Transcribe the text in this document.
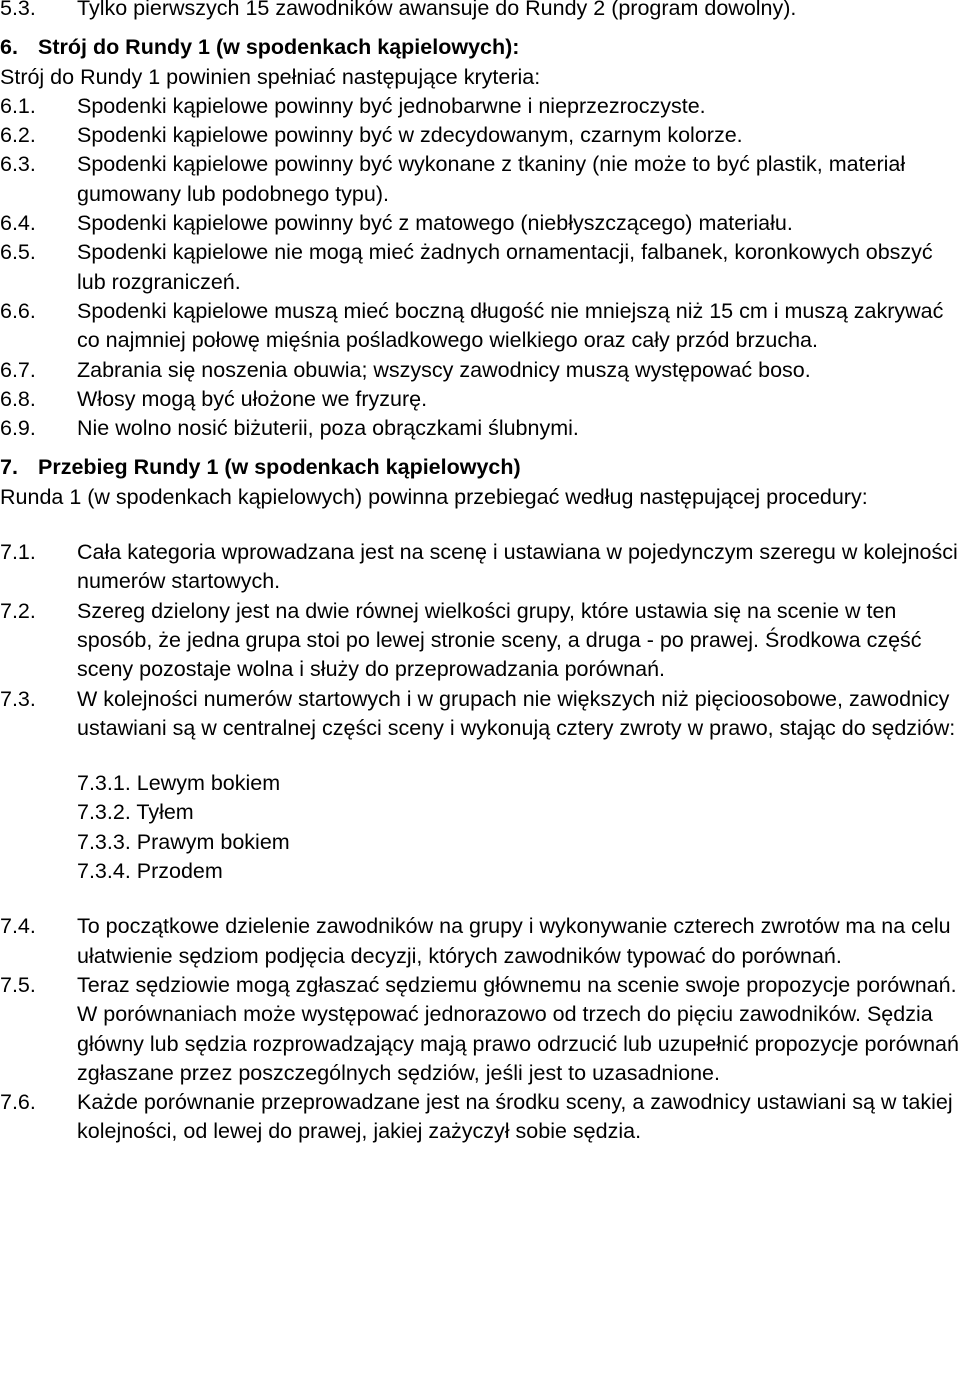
5.3.	Tylko pierwszych 15 zawodników awansuje do Rundy 2 (program dowolny).
6. Strój do Rundy 1 (w spodenkach kąpielowych):

Strój do Rundy 1 powinien spełniać następujące kryteria:

6.1.	Spodenki kąpielowe powinny być jednobarwne i nieprzezroczyste.
6.2.	Spodenki kąpielowe powinny być w zdecydowanym, czarnym kolorze.
6.3.	Spodenki kąpielowe powinny być wykonane z tkaniny (nie może to być plastik, materiał gumowany lub podobnego typu).
6.4.	Spodenki kąpielowe powinny być z matowego (niebłyszczącego) materiału.
6.5.	Spodenki kąpielowe nie mogą mieć żadnych ornamentacji, falbanek, koronkowych obszyć lub rozgraniczeń.
6.6.	Spodenki kąpielowe muszą mieć boczną długość nie mniejszą niż 15 cm i muszą zakrywać co najmniej połowę mięśnia pośladkowego wielkiego oraz cały przód brzucha.
6.7.	Zabrania się noszenia obuwia; wszyscy zawodnicy muszą występować boso.
6.8.	Włosy mogą być ułożone we fryzurę.
6.9.	Nie wolno nosić biżuterii, poza obrączkami ślubnymi.
7. Przebieg Rundy 1 (w spodenkach kąpielowych)

Runda 1 (w spodenkach kąpielowych) powinna przebiegać według następującej procedury:

7.1.	Cała kategoria wprowadzana jest na scenę i ustawiana w pojedynczym szeregu w kolejności numerów startowych.
7.2.	Szereg dzielony jest na dwie równej wielkości grupy, które ustawia się na scenie w ten sposób, że jedna grupa stoi po lewej stronie sceny, a druga - po prawej. Środkowa część sceny pozostaje wolna i służy do przeprowadzania porównań.
7.3.	W kolejności numerów startowych i w grupach nie większych niż pięcioosobowe, zawodnicy ustawiani są w centralnej części sceny i wykonują cztery zwroty w prawo, stając do sędziów:

7.3.1. Lewym bokiem

7.3.2. Tyłem

7.3.3. Prawym bokiem

7.3.4. Przodem

7.4.	To początkowe dzielenie zawodników na grupy i wykonywanie czterech zwrotów ma na celu ułatwienie sędziom podjęcia decyzji, których zawodników typować do porównań.
7.5.	Teraz sędziowie mogą zgłaszać sędziemu głównemu na scenie swoje propozycje porównań. W porównaniach może występować jednorazowo od trzech do pięciu zawodników. Sędzia główny lub sędzia rozprowadzający mają prawo odrzucić lub uzupełnić propozycje porównań zgłaszane przez poszczególnych sędziów, jeśli jest to uzasadnione.
7.6.	Każde porównanie przeprowadzane jest na środku sceny, a zawodnicy ustawiani są w takiej kolejności, od lewej do prawej, jakiej zażyczył sobie sędzia.
